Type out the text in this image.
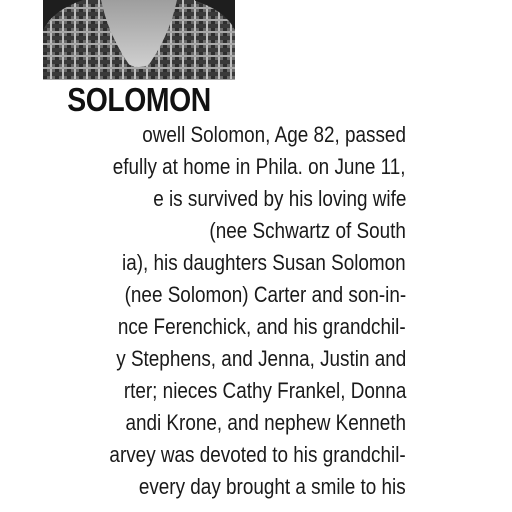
SOLOMON
owell Solomon, Age 82, passed
efully at home in Phila. on June 11,
e is survived by his loving wife
(nee Schwartz of South
ia), his daughters Susan Solomon
(nee Solomon) Carter and son-in-
nce Ferenchick, and his grandchil-
y Stephens, and Jenna, Justin and
rter; nieces Cathy Frankel, Donna
andi Krone, and nephew Kenneth
arvey was devoted to his grandchil-
every day brought a smile to his
